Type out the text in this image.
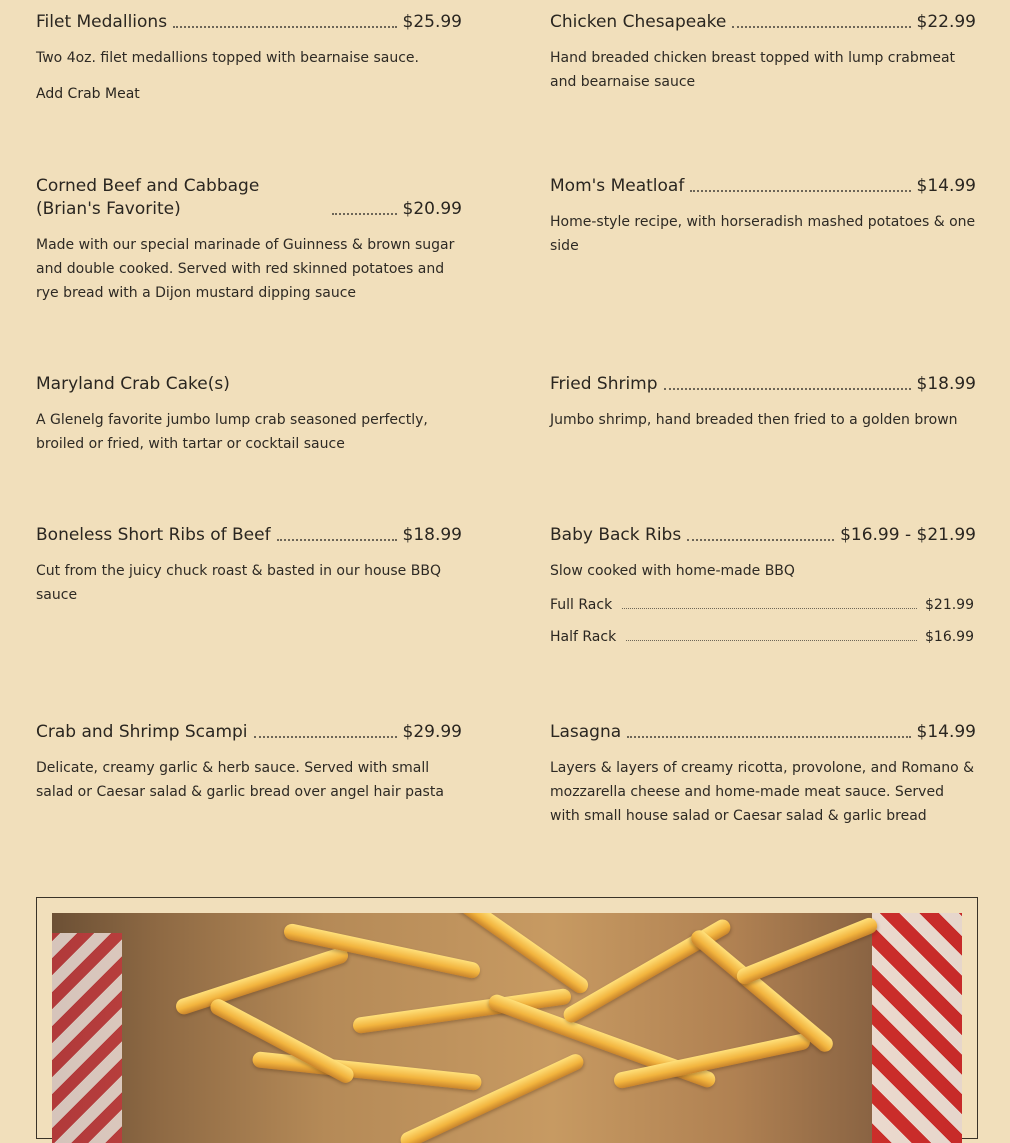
Filet Medallions	$25.99
Two 4oz. filet medallions topped with bearnaise sauce.
Add Crab Meat
Corned Beef and Cabbage (Brian's Favorite)	$20.99
Made with our special marinade of Guinness & brown sugar and double cooked. Served with red skinned potatoes and rye bread with a Dijon mustard dipping sauce
Maryland Crab Cake(s)
A Glenelg favorite jumbo lump crab seasoned perfectly, broiled or fried, with tartar or cocktail sauce
Boneless Short Ribs of Beef	$18.99
Cut from the juicy chuck roast & basted in our house BBQ sauce
Crab and Shrimp Scampi	$29.99
Delicate, creamy garlic & herb sauce. Served with small salad or Caesar salad & garlic bread over angel hair pasta
Chicken Chesapeake	$22.99
Hand breaded chicken breast topped with lump crabmeat and bearnaise sauce
Mom's Meatloaf	$14.99
Home-style recipe, with horseradish mashed potatoes & one side
Fried Shrimp	$18.99
Jumbo shrimp, hand breaded then fried to a golden brown
Baby Back Ribs	$16.99 - $21.99
Slow cooked with home-made BBQ
Full Rack	$21.99
Half Rack	$16.99
Lasagna	$14.99
Layers & layers of creamy ricotta, provolone, and Romano & mozzarella cheese and home-made meat sauce. Served with small house salad or Caesar salad & garlic bread
